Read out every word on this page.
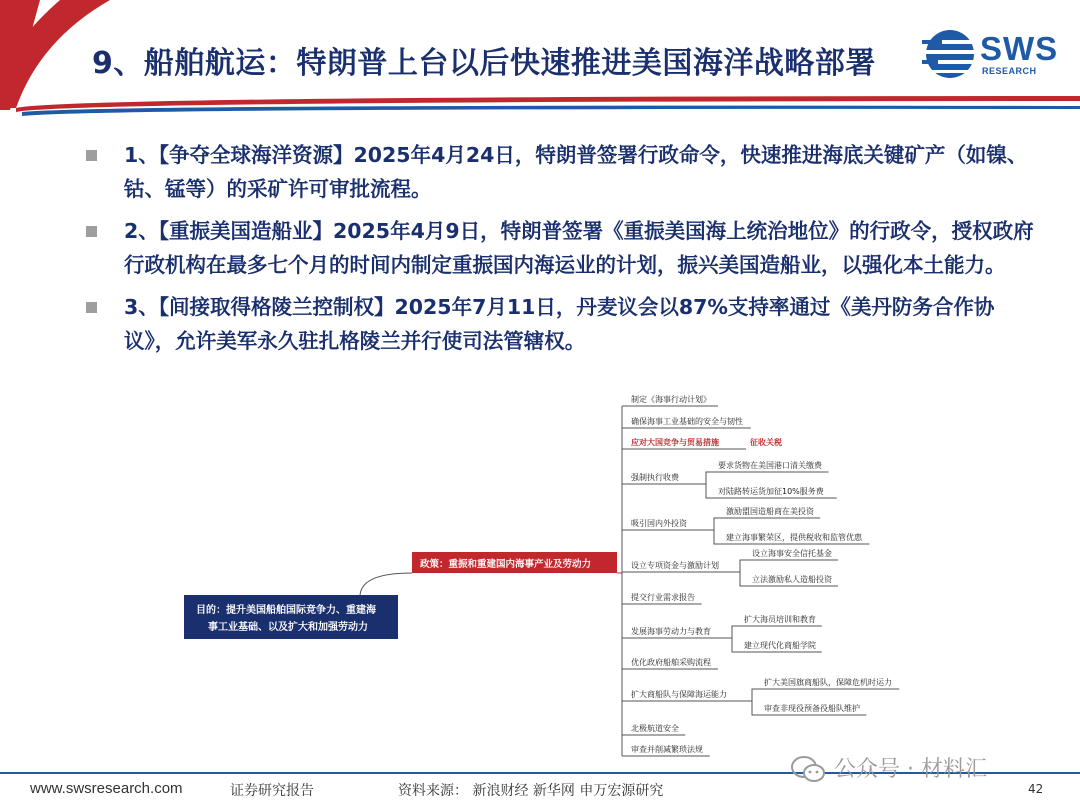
9、船舶航运：特朗普上台以后快速推进美国海洋战略部署	SWS
RESEARCH
1、【争夺全球海洋资源】2025年4月24日，特朗普签署行政命令，快速推进海底关键矿产（如镍、钴、锰等）的采矿许可审批流程。
2、【重振美国造船业】2025年4月9日，特朗普签署《重振美国海上统治地位》的行政令，授权政府行政机构在最多七个月的时间内制定重振国内海运业的计划，振兴美国造船业，以强化本土能力。
3、【间接取得格陵兰控制权】2025年7月11日，丹麦议会以87%支持率通过《美丹防务合作协议》，允许美军永久驻扎格陵兰并行使司法管辖权。
目的：提升美国船舶国际竞争力、重建海
事工业基础、以及扩大和加强劳动力
政策：重振和重建国内海事产业及劳动力
制定《海事行动计划》
确保海事工业基础的安全与韧性
应对大国竞争与贸易措施	征收关税
强制执行收费
要求货物在美国港口清关缴费
对陆路转运货加征10%服务费
吸引国内外投资
激励盟国造船商在美投资
建立海事繁荣区，提供税收和监管优惠
设立专项资金与激励计划
设立海事安全信托基金
立法激励私人造船投资
提交行业需求报告
发展海事劳动力与教育
扩大海员培训和教育
建立现代化商船学院
优化政府船舶采购流程
扩大商船队与保障海运能力
扩大美国旗商船队，保障危机时运力
审查非现役预备役船队维护
北极航道安全
审查并削减繁琐法规
www.swsresearch.com	证券研究报告	资料来源： 新浪财经 新华网 申万宏源研究	42
公众号 · 材料汇
